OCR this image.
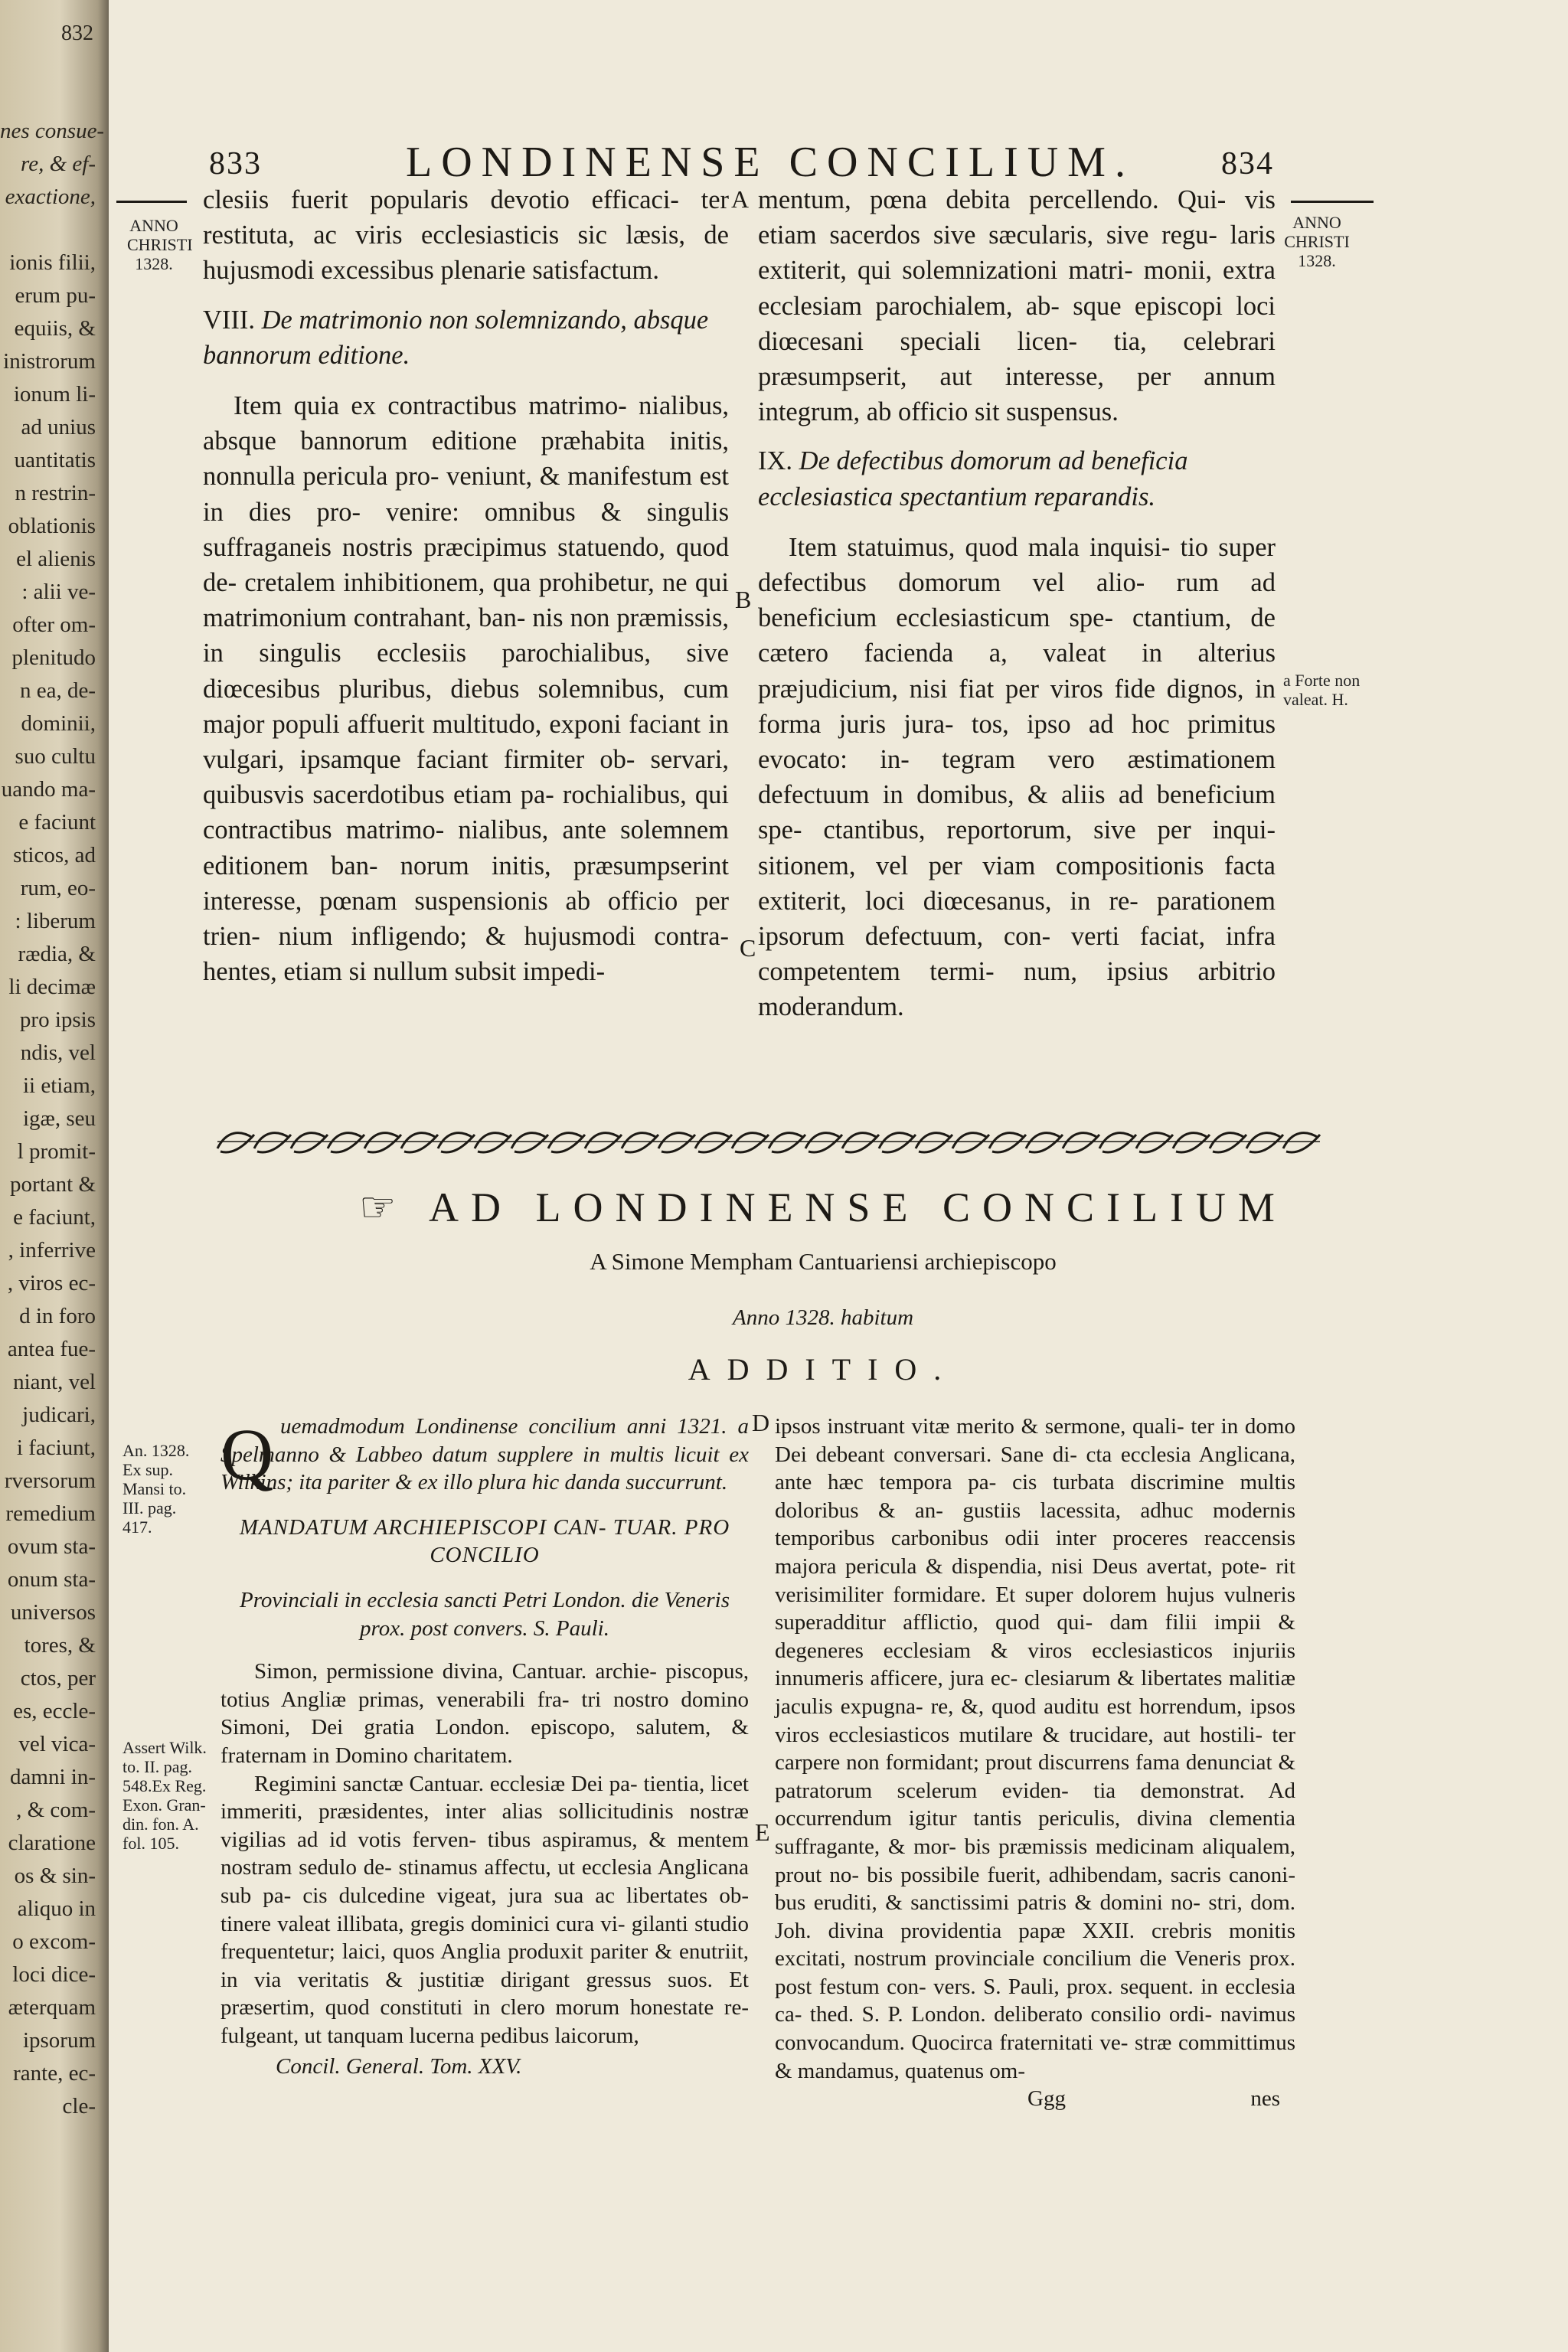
832
nes consue-
re, & ef-
exactione,

ionis filii,
erum pu-
equiis, &
inistrorum
ionum li-
ad unius
uantitatis
n restrin-
oblationis
el alienis
: alii ve-
ofter om-
plenitudo
n ea, de-
dominii,
suo cultu
uando ma-
e faciunt
sticos, ad
rum, eo-
: liberum
rædia, &
li decimæ
pro ipsis
ndis, vel
ii etiam,
igæ, seu
l promit-
portant &
e faciunt,
, inferrive
, viros ec-
d in foro
antea fue-
niant, vel
judicari,
i faciunt,
rversorum
remedium
ovum sta-
onum sta-
universos
tores, &
ctos, per
es, eccle-
vel vica-
damni in-
, & com-
claratione
os & sin-
aliquo in
o excom-
loci dice-
æterquam
ipsorum
rante, ec-
cle-
833	LONDINENSE CONCILIUM.	834
ANNO
CHRISTI
1328.
ANNO
CHRISTI
1328.
a Forte non
valeat. H.
A
B
C
D
E

clesiis fuerit popularis devotio efficaci- ter restituta, ac viris ecclesiasticis sic læsis, de hujusmodi excessibus plenarie satisfactum.

VIII. De matrimonio non solemnizando, absque bannorum editione.

Item quia ex contractibus matrimo- nialibus, absque bannorum editione præhabita initis, nonnulla pericula pro- veniunt, & manifestum est in dies pro- venire: omnibus & singulis suffraganeis nostris præcipimus statuendo, quod de- cretalem inhibitionem, qua prohibetur, ne qui matrimonium contrahant, ban- nis non præmissis, in singulis ecclesiis parochialibus, sive diœcesibus pluribus, diebus solemnibus, cum major populi affuerit multitudo, exponi faciant in vulgari, ipsamque faciant firmiter ob- servari, quibusvis sacerdotibus etiam pa- rochialibus, qui contractibus matrimo- nialibus, ante solemnem editionem ban- norum initis, præsumpserint interesse, pœnam suspensionis ab officio per trien- nium infligendo; & hujusmodi contra- hentes, etiam si nullum subsit impedi-

mentum, pœna debita percellendo. Qui- vis etiam sacerdos sive sæcularis, sive regu- laris extiterit, qui solemnizationi matri- monii, extra ecclesiam parochialem, ab- sque episcopi loci diœcesani speciali licen- tia, celebrari præsumpserit, aut interesse, per annum integrum, ab officio sit suspensus.

IX. De defectibus domorum ad beneficia ecclesiastica spectantium reparandis.

Item statuimus, quod mala inquisi- tio super defectibus domorum vel alio- rum ad beneficium ecclesiasticum spe- ctantium, de cætero facienda a, valeat in alterius præjudicium, nisi fiat per viros fide dignos, in forma juris jura- tos, ipso ad hoc primitus evocato: in- tegram vero æstimationem defectuum in domibus, & aliis ad beneficium spe- ctantibus, reportorum, sive per inqui- sitionem, vel per viam compositionis facta extiterit, loci diœcesanus, in re- parationem ipsorum defectuum, con- verti faciat, infra competentem termi- num, ipsius arbitrio moderandum.

☞ AD LONDINENSE CONCILIUM
A Simone Mempham Cantuariensi archiepiscopo
Anno 1328. habitum
ADDITIO.
An. 1328.
Ex sup.
Mansi to.
III. pag.
417.
Assert Wilk.
to. II. pag.
548.Ex Reg.
Exon. Gran-
din. fon. A.
fol. 105.
Q uemadmodum Londinense concilium anni 1321. a Spelmanno & Labbeo datum supplere in multis licuit ex Wilkins; ita pariter & ex illo plura hic danda succurrunt.

MANDATUM ARCHIEPISCOPI CAN- TUAR. PRO CONCILIO

Provinciali in ecclesia sancti Petri London. die Veneris prox. post convers. S. Pauli.

Simon, permissione divina, Cantuar. archie- piscopus, totius Angliæ primas, venerabili fra- tri nostro domino Simoni, Dei gratia London. episcopo, salutem, & fraternam in Domino charitatem.

Regimini sanctæ Cantuar. ecclesiæ Dei pa- tientia, licet immeriti, præsidentes, inter alias sollicitudinis nostræ vigilias ad id votis ferven- tibus aspiramus, & mentem nostram sedulo de- stinamus affectu, ut ecclesia Anglicana sub pa- cis dulcedine vigeat, jura sua ac libertates ob- tinere valeat illibata, gregis dominici cura vi- gilanti studio frequentetur; laici, quos Anglia produxit pariter & enutriit, in via veritatis & justitiæ dirigant gressus suos. Et præsertim, quod constituti in clero morum honestate re- fulgeant, ut tanquam lucerna pedibus laicorum,

Concil. General. Tom. XXV.

ipsos instruant vitæ merito & sermone, quali- ter in domo Dei debeant conversari. Sane di- cta ecclesia Anglicana, ante hæc tempora pa- cis turbata discrimine multis doloribus & an- gustiis lacessita, adhuc modernis temporibus carbonibus odii inter proceres reaccensis majora pericula & dispendia, nisi Deus avertat, pote- rit verisimiliter formidare. Et super dolorem hujus vulneris superadditur afflictio, quod qui- dam filii impii & degeneres ecclesiam & viros ecclesiasticos injuriis innumeris afficere, jura ec- clesiarum & libertates malitiæ jaculis expugna- re, &, quod auditu est horrendum, ipsos viros ecclesiasticos mutilare & trucidare, aut hostili- ter carpere non formidant; prout discurrens fama denunciat & patratorum scelerum eviden- tia demonstrat. Ad occurrendum igitur tantis periculis, divina clementia suffragante, & mor- bis præmissis medicinam aliqualem, prout no- bis possibile fuerit, adhibendam, sacris canoni- bus eruditi, & sanctissimi patris & domini no- stri, dom. Joh. divina providentia papæ XXII. crebris monitis excitati, nostrum provinciale concilium die Veneris prox. post festum con- vers. S. Pauli, prox. sequent. in ecclesia ca- thed. S. P. London. deliberato consilio ordi- navimus convocandum. Quocirca fraternitati ve- stræ committimus & mandamus, quatenus om-

Ggg	nes
